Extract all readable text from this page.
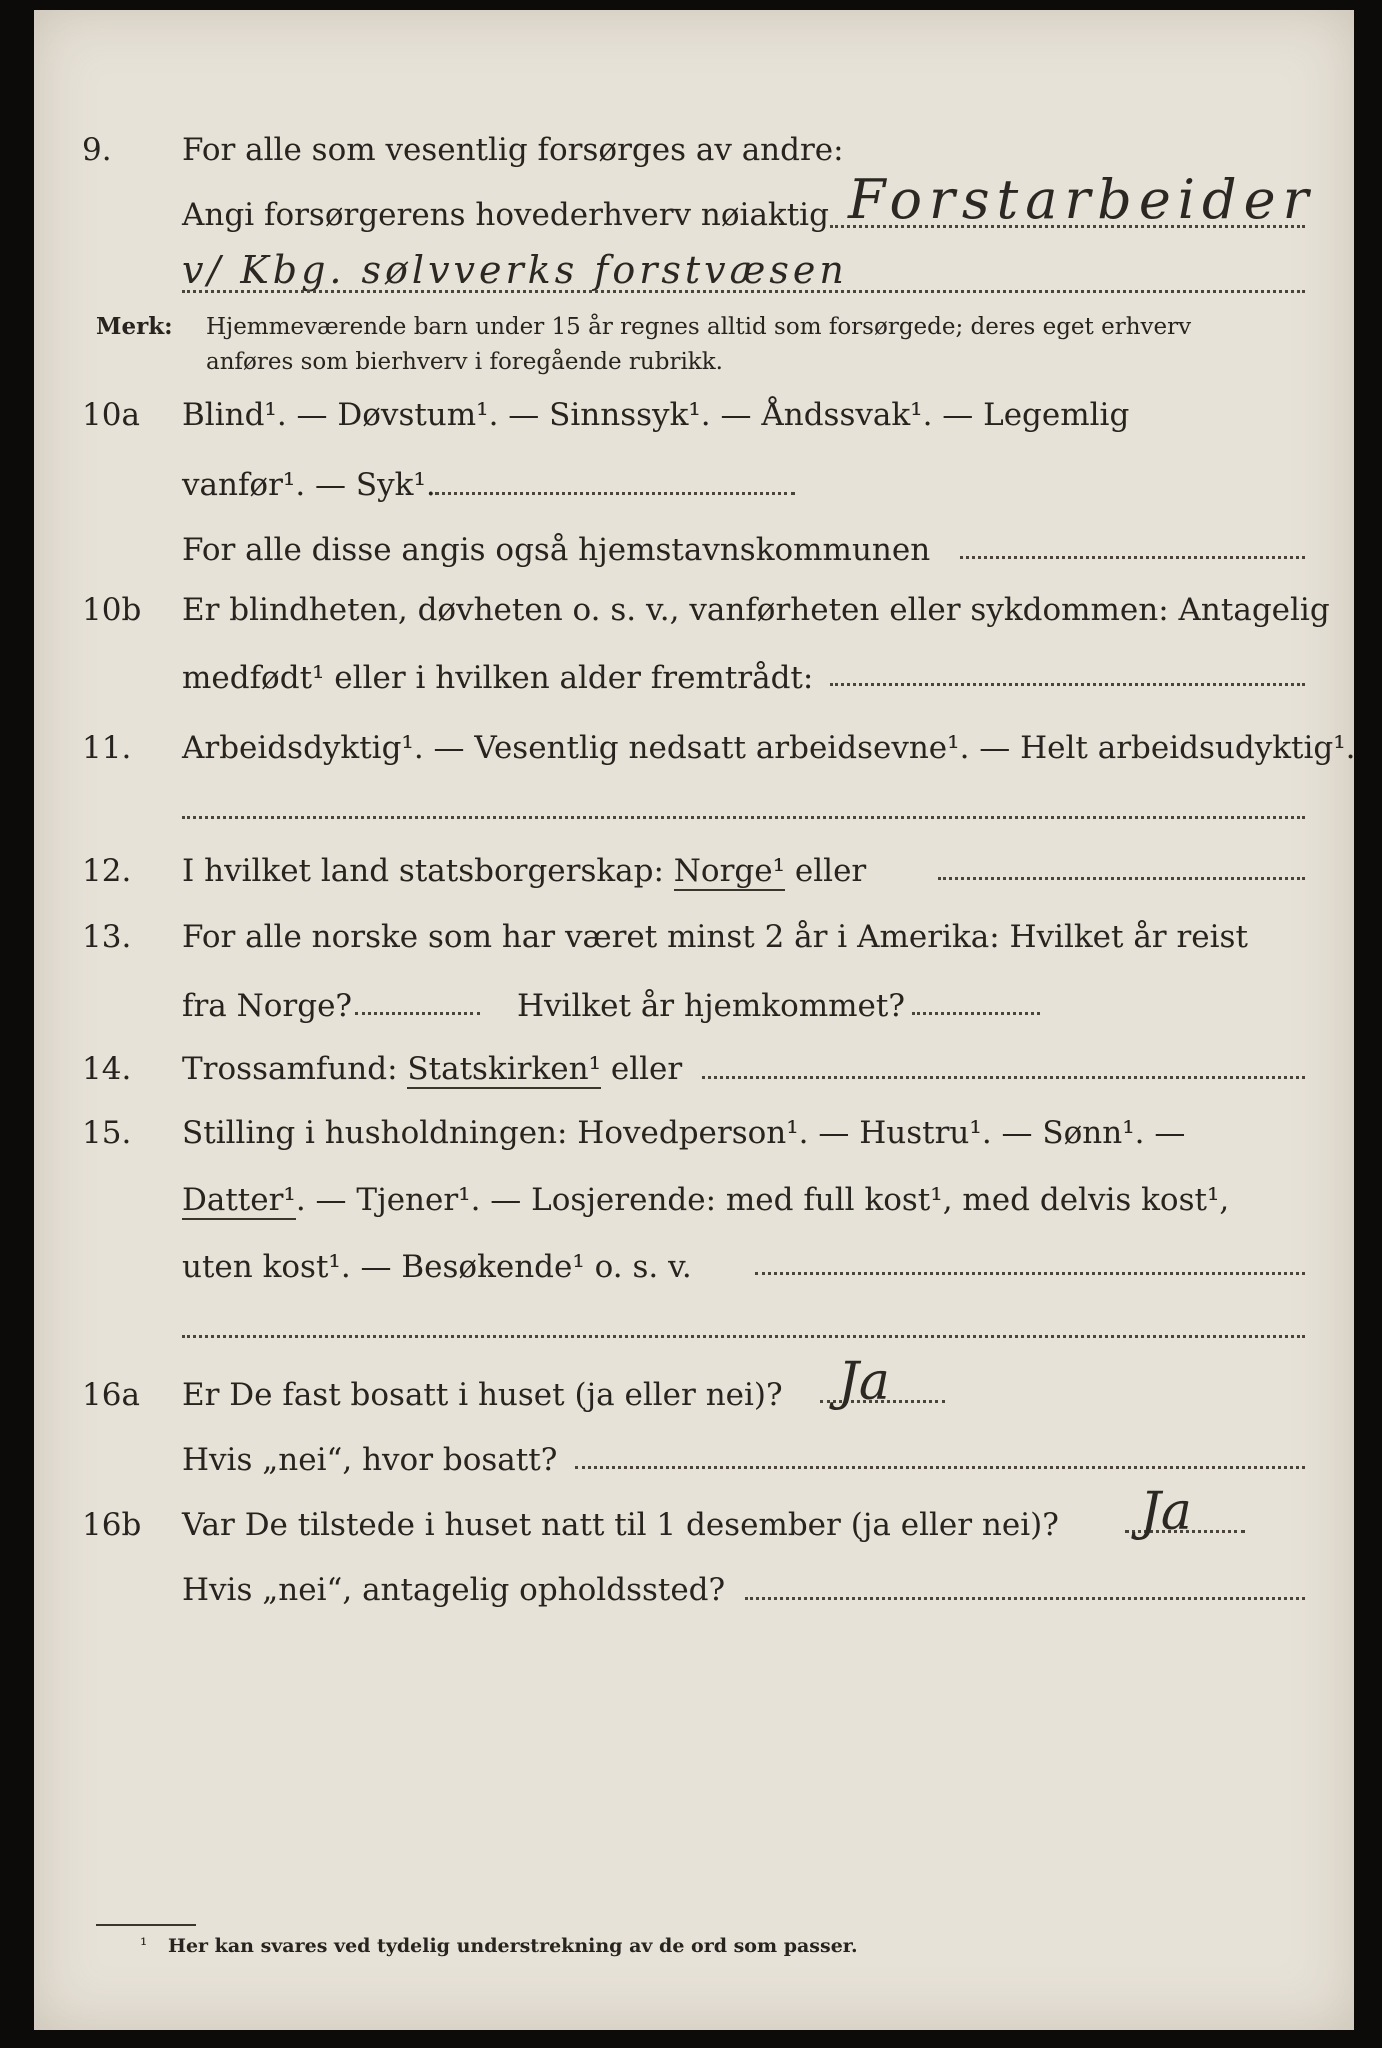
9. For alle som vesentlig forsørges av andre:
Angi forsørgerens hovederhverv nøiaktig Forstarbeider
v/ Kbg. sølvverks forstvæsen
Merk: Hjemmeværende barn under 15 år regnes alltid som forsørgede; deres eget erhverv
anføres som bierhverv i foregående rubrikk.
10a Blind¹. — Døvstum¹. — Sinnssyk¹. — Åndssvak¹. — Legemlig
vanfør¹. — Syk¹.
For alle disse angis også hjemstavnskommunen
10b Er blindheten, døvheten o. s. v., vanførheten eller sykdommen: Antagelig
medfødt¹ eller i hvilken alder fremtrådt:
11. Arbeidsdyktig¹. — Vesentlig nedsatt arbeidsevne¹. — Helt arbeidsudyktig¹.
12. I hvilket land statsborgerskap: Norge¹ eller
13. For alle norske som har været minst 2 år i Amerika: Hvilket år reist
fra Norge?	Hvilket år hjemkommet?
14. Trossamfund: Statskirken¹ eller
15. Stilling i husholdningen: Hovedperson¹. — Hustru¹. — Sønn¹. —
Datter¹. — Tjener¹. — Losjerende: med full kost¹, med delvis kost¹,
uten kost¹. — Besøkende¹ o. s. v.
16a Er De fast bosatt i huset (ja eller nei)? Ja
Hvis „nei“, hvor bosatt?
16b Var De tilstede i huset natt til 1 desember (ja eller nei)? Ja
Hvis „nei“, antagelig opholdssted?
¹ Her kan svares ved tydelig understrekning av de ord som passer.
